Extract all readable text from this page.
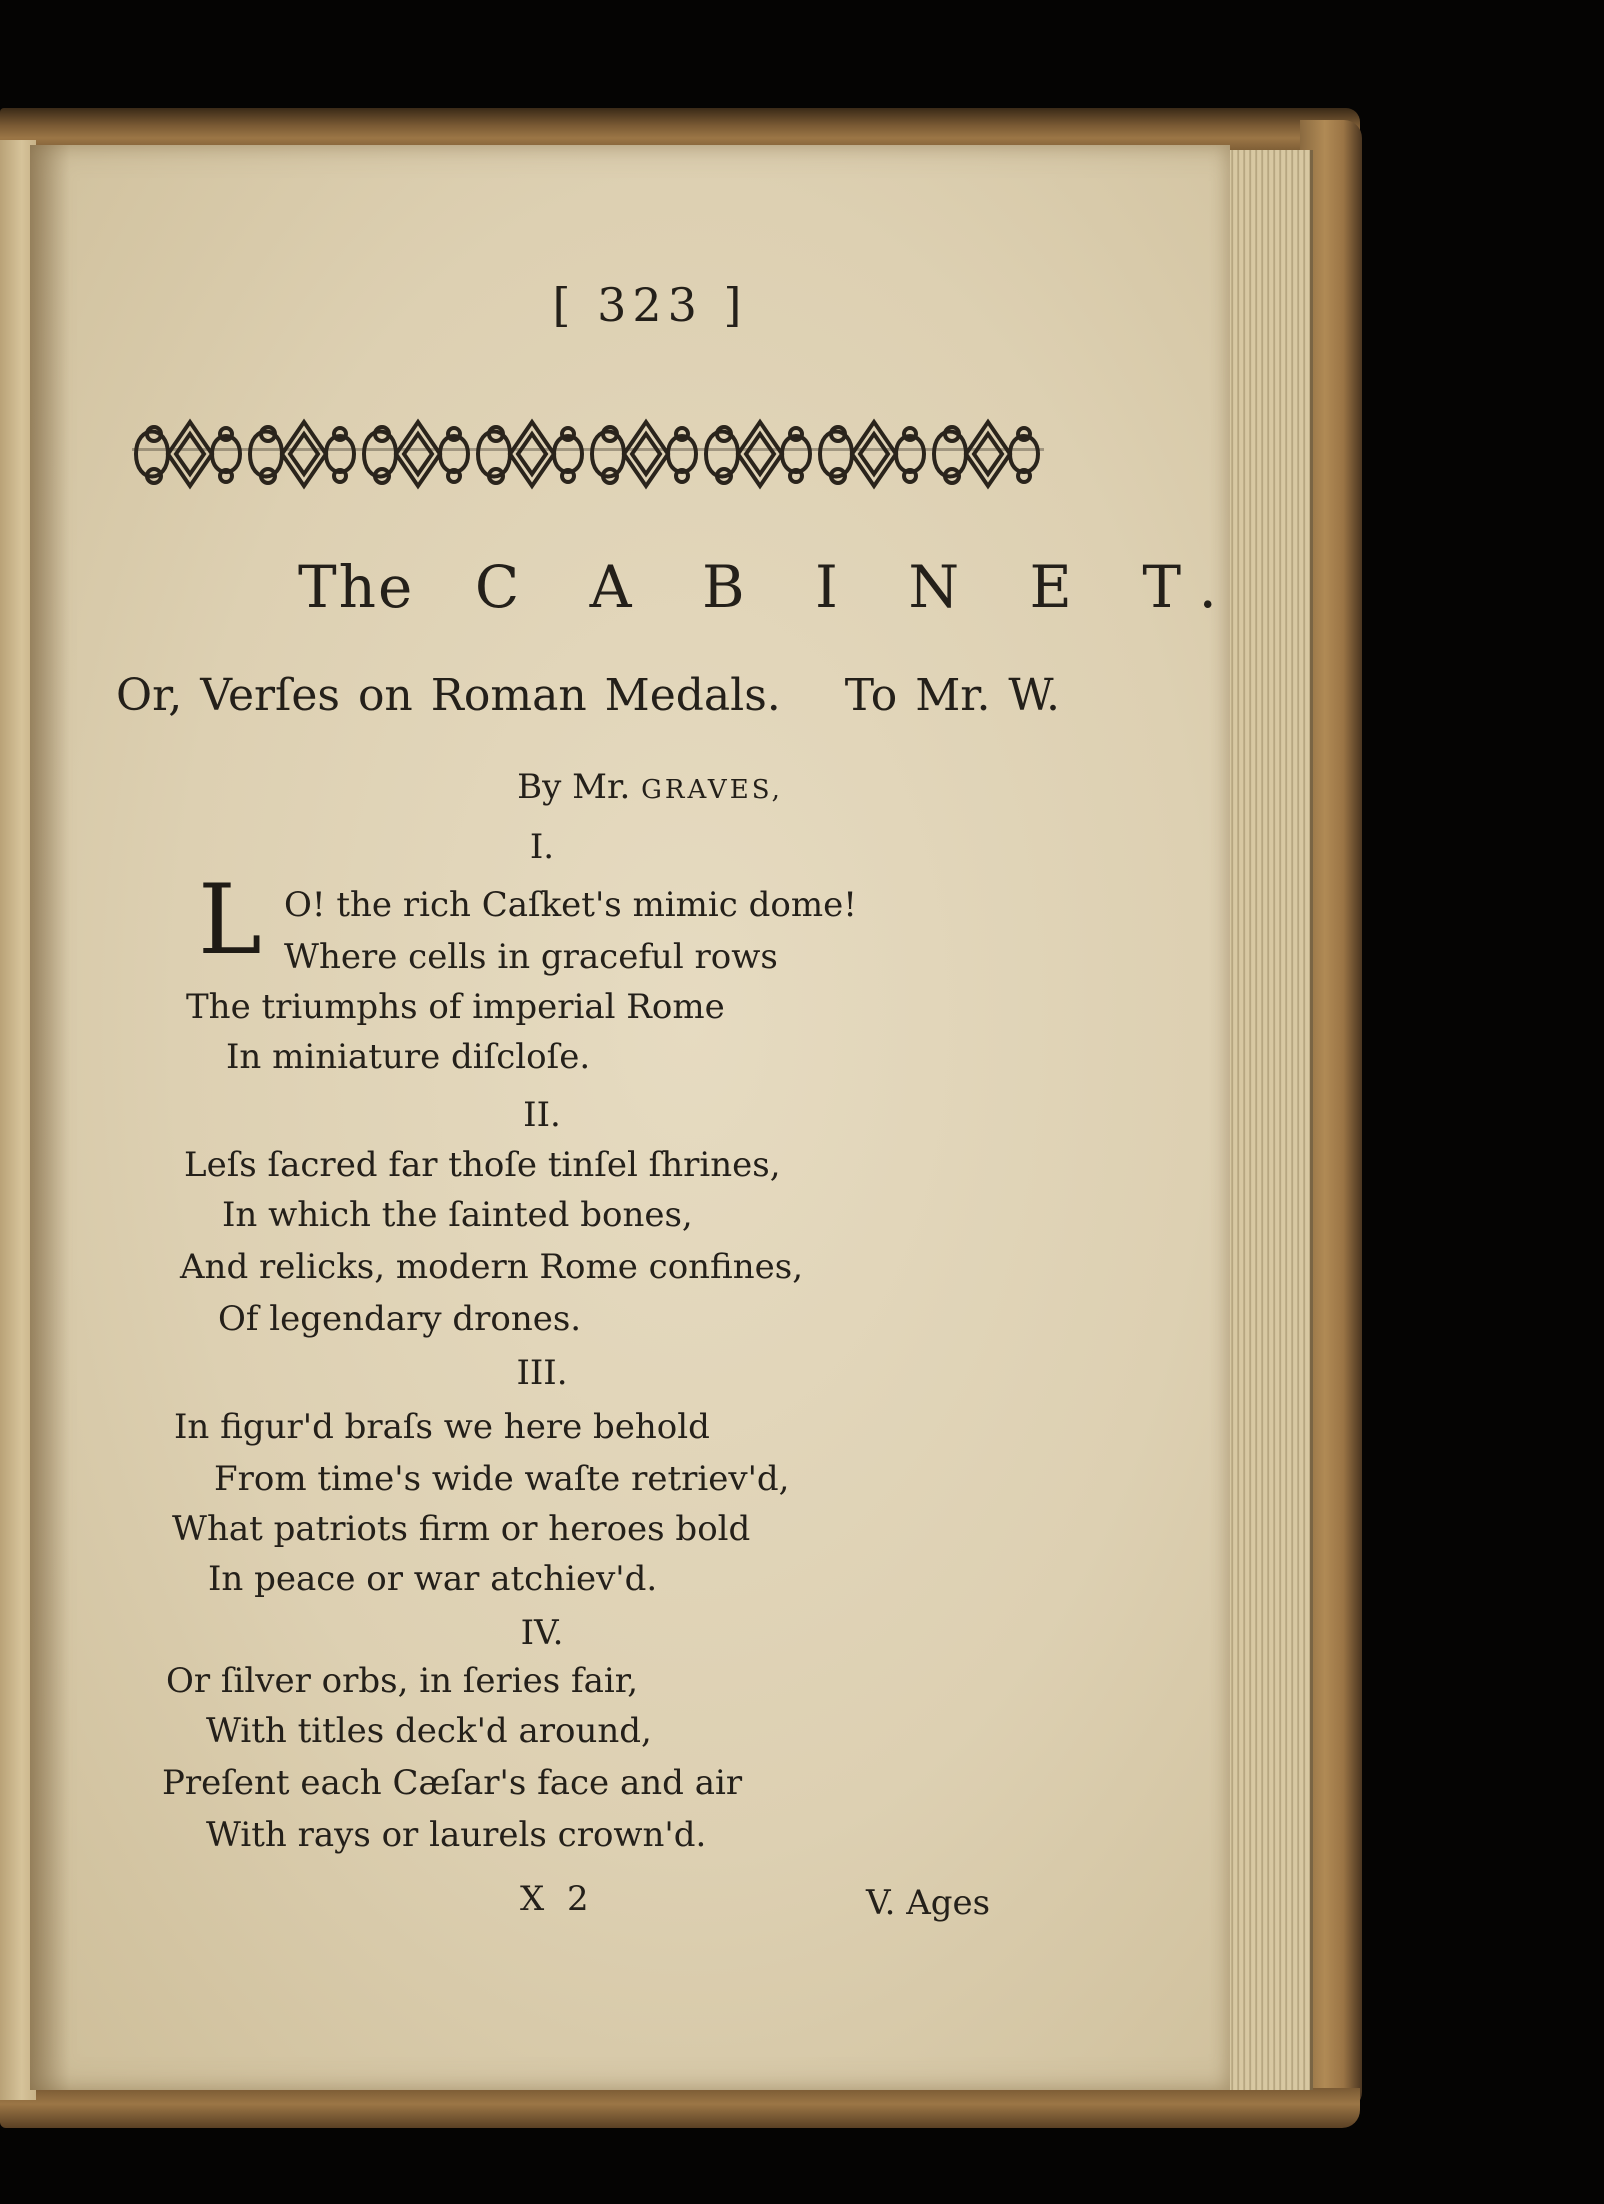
[ 323 ]
The C A B I N E T.
Or, Verſes on Roman Medals. To Mr. W.
By Mr. GRAVES,
I.
L O! the rich Caſket's mimic dome!
Where cells in graceful rows
The triumphs of imperial Rome
In miniature diſcloſe.
II.
Leſs ſacred far thoſe tinſel ſhrines,
In which the ſainted bones,
And relicks, modern Rome confines,
Of legendary drones.
III.
In figur'd braſs we here behold
From time's wide waſte retriev'd,
What patriots firm or heroes bold
In peace or war atchiev'd.
IV.
Or ſilver orbs, in ſeries fair,
With titles deck'd around,
Preſent each Cæſar's face and air
With rays or laurels crown'd.
X 2	V. Ages
